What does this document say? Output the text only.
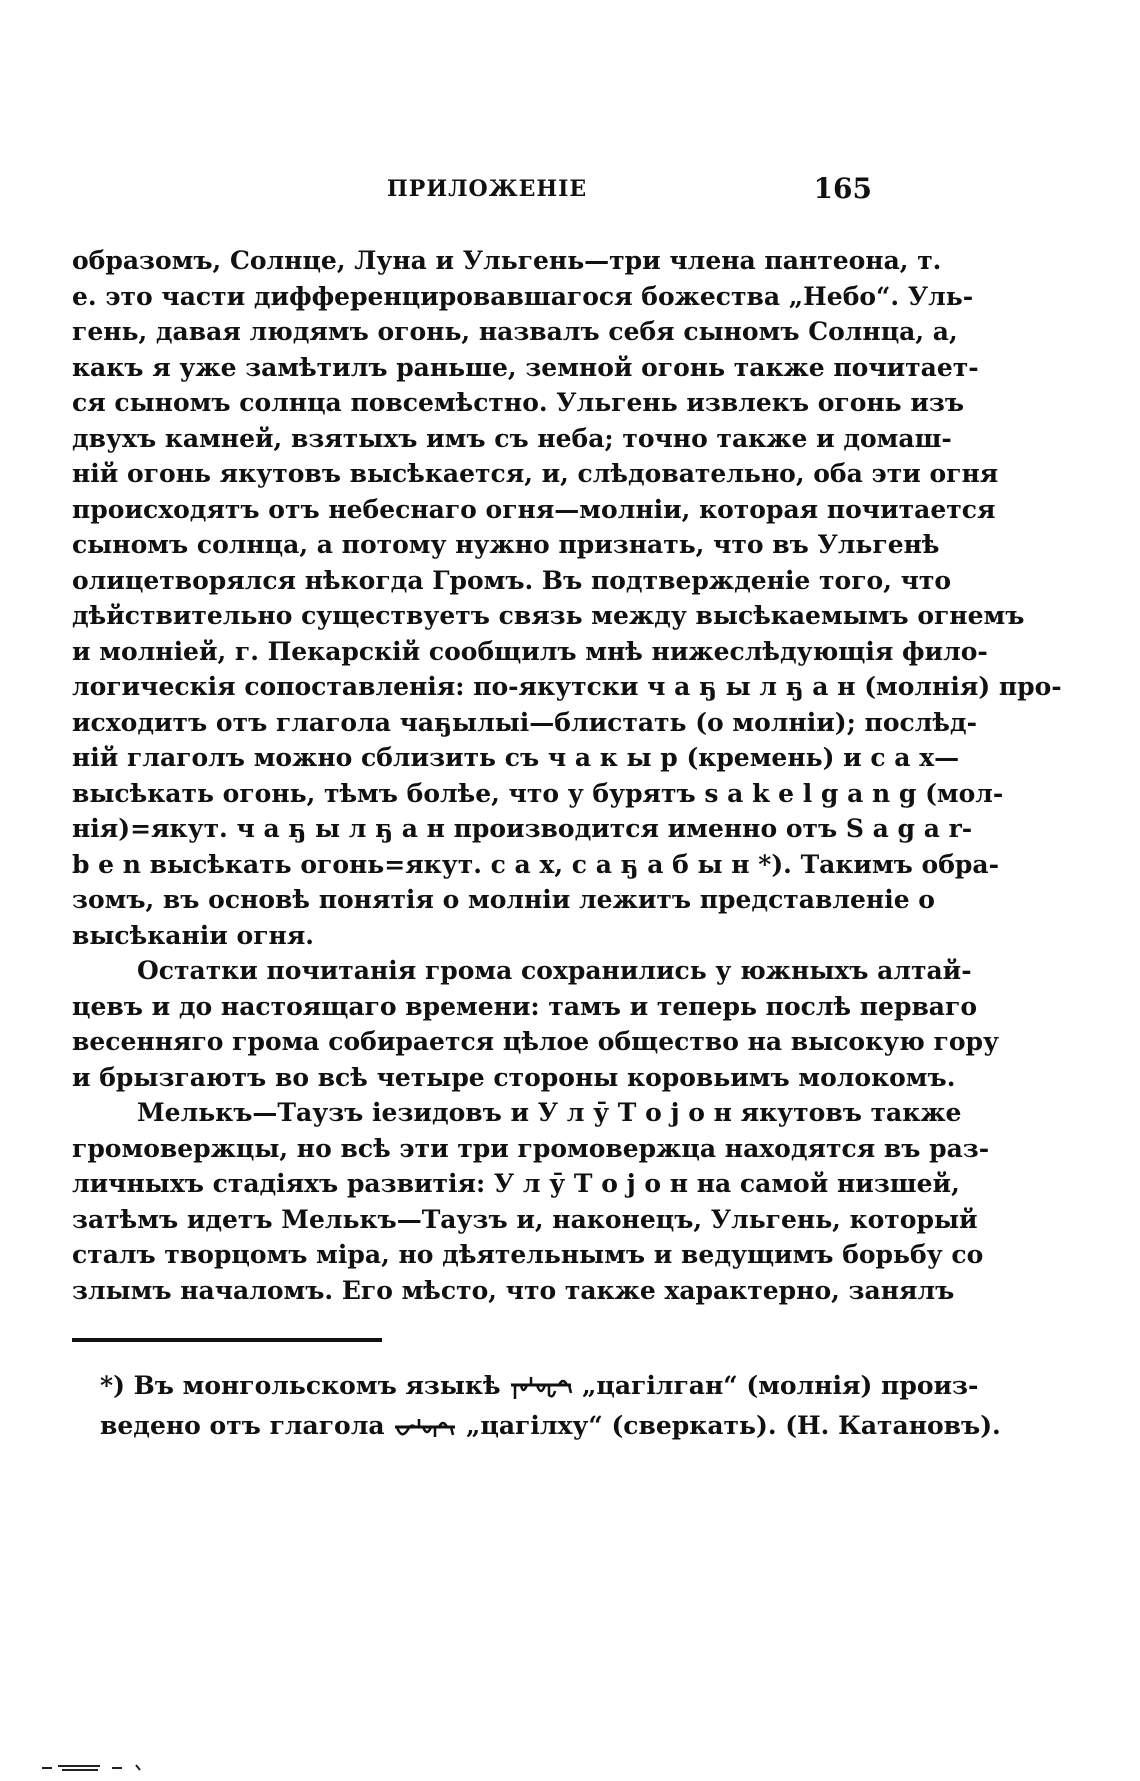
ПРИЛОЖЕНІЕ	165
образомъ, Солнце, Луна и Ульгень—три члена пантеона, т.
е. это части дифференцировавшагося божества „Небо“. Уль-
гень, давая людямъ огонь, назвалъ себя сыномъ Солнца, а,
какъ я уже замѣтилъ раньше, земной огонь также почитает-
ся сыномъ солнца повсемѣстно. Ульгень извлекъ огонь изъ
двухъ камней, взятыхъ имъ съ неба; точно также и домаш-
ній огонь якутовъ высѣкается, и, слѣдовательно, оба эти огня
происходятъ отъ небеснаго огня—молніи, которая почитается
сыномъ солнца, а потому нужно признать, что въ Ульгенѣ
олицетворялся нѣкогда Громъ. Въ подтвержденіе того, что
дѣйствительно существуетъ связь между высѣкаемымъ огнемъ
и молніей, г. Пекарскій сообщилъ мнѣ нижеслѣдующія фило-
логическія сопоставленія: по-якутски ч а ҕ ы л ҕ а н (молнія) про-
исходитъ отъ глагола чаҕылыі—блистать (о молніи); послѣд-
ній глаголъ можно сблизить съ ч а к ы р (кремень) и с а х—
высѣкать огонь, тѣмъ болѣе, что у бурятъ s a k e l g a n g (мол-
нія)=якут. ч а ҕ ы л ҕ а н производится именно отъ S a g a r-
b e n высѣкать огонь=якут. с а х, с а ҕ а б ы н *). Такимъ обра-
зомъ, въ основѣ понятія о молніи лежитъ представленіе о
высѣканіи огня.
Остатки почитанія грома сохранились у южныхъ алтай-
цевъ и до настоящаго времени: тамъ и теперь послѣ перваго
весенняго грома собирается цѣлое общество на высокую гору
и брызгаютъ во всѣ четыре стороны коровьимъ молокомъ.
Мелькъ—Таузъ іезидовъ и У л ӯ Т о j о н якутовъ также
громовержцы, но всѣ эти три громовержца находятся въ раз-
личныхъ стадіяхъ развитія: У л ӯ Т о j о н на самой низшей,
затѣмъ идетъ Мелькъ—Таузъ и, наконецъ, Ульгень, который
сталъ творцомъ міра, но дѣятельнымъ и ведущимъ борьбу со
злымъ началомъ. Его мѣсто, что также характерно, занялъ
*) Въ монгольскомъ языкѣ	„цагілган“ (молнія) произ-
ведено отъ глагола	„цагілху“ (сверкать). (Н. Катановъ).
